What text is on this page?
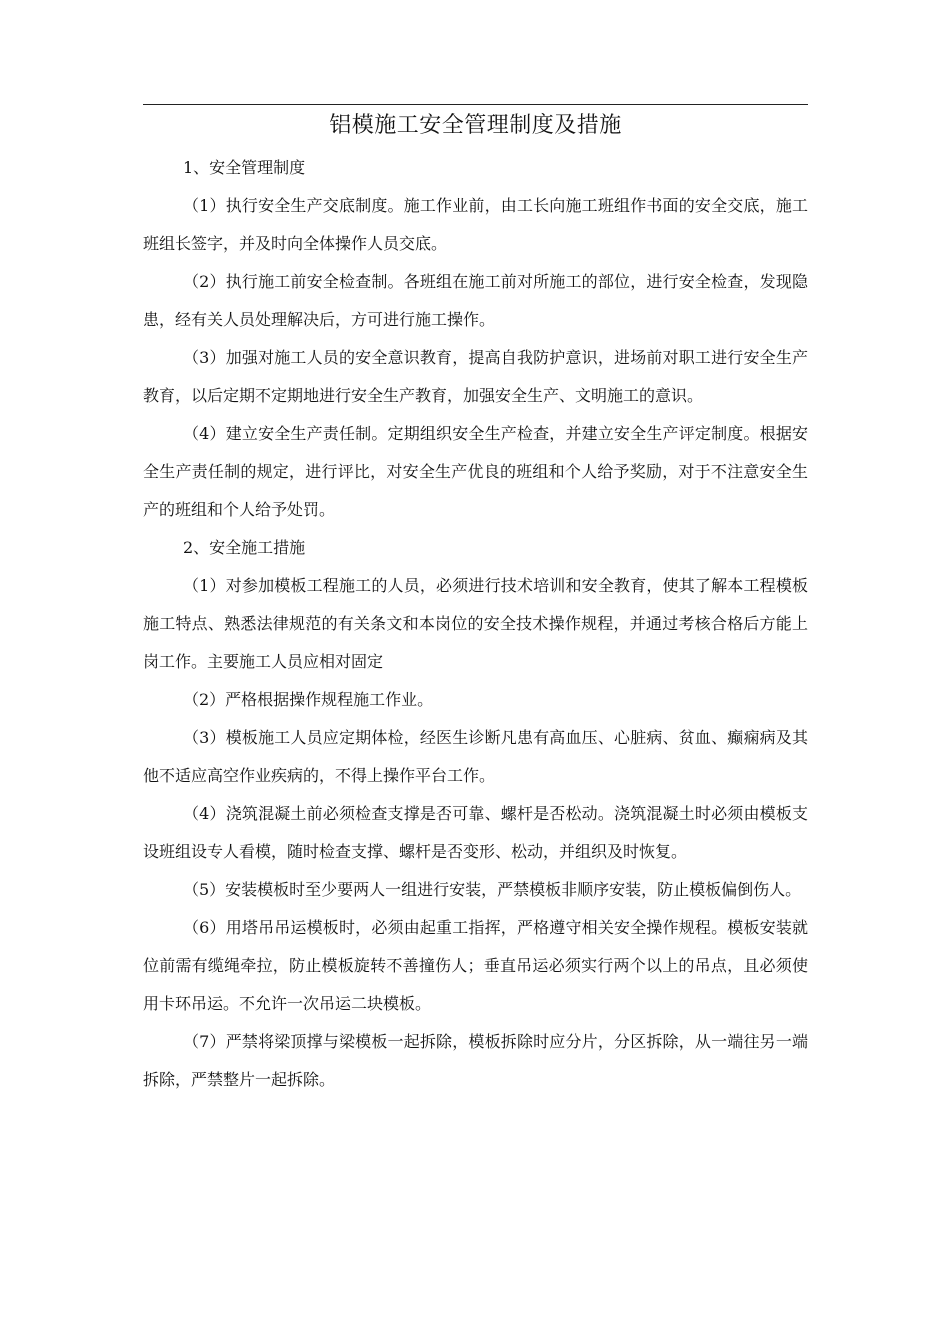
铝模施工安全管理制度及措施

1、安全管理制度

（1）执行安全生产交底制度。施工作业前，由工长向施工班组作书面的安全交底，施工班组长签字，并及时向全体操作人员交底。

（2）执行施工前安全检查制。各班组在施工前对所施工的部位，进行安全检查，发现隐患，经有关人员处理解决后，方可进行施工操作。

（3）加强对施工人员的安全意识教育，提高自我防护意识，进场前对职工进行安全生产教育，以后定期不定期地进行安全生产教育，加强安全生产、文明施工的意识。

（4）建立安全生产责任制。定期组织安全生产检查，并建立安全生产评定制度。根据安全生产责任制的规定，进行评比，对安全生产优良的班组和个人给予奖励，对于不注意安全生产的班组和个人给予处罚。

2、安全施工措施

（1）对参加模板工程施工的人员，必须进行技术培训和安全教育，使其了解本工程模板施工特点、熟悉法律规范的有关条文和本岗位的安全技术操作规程，并通过考核合格后方能上岗工作。主要施工人员应相对固定

（2）严格根据操作规程施工作业。

（3）模板施工人员应定期体检，经医生诊断凡患有高血压、心脏病、贫血、癫痫病及其他不适应高空作业疾病的，不得上操作平台工作。

（4）浇筑混凝土前必须检查支撑是否可靠、螺杆是否松动。浇筑混凝土时必须由模板支设班组设专人看模，随时检查支撑、螺杆是否变形、松动，并组织及时恢复。

（5）安装模板时至少要两人一组进行安装，严禁模板非顺序安装，防止模板偏倒伤人。

（6）用塔吊吊运模板时，必须由起重工指挥，严格遵守相关安全操作规程。模板安装就位前需有缆绳牵拉，防止模板旋转不善撞伤人；垂直吊运必须实行两个以上的吊点，且必须使用卡环吊运。不允许一次吊运二块模板。

（7）严禁将梁顶撑与梁模板一起拆除，模板拆除时应分片，分区拆除，从一端往另一端拆除，严禁整片一起拆除。
